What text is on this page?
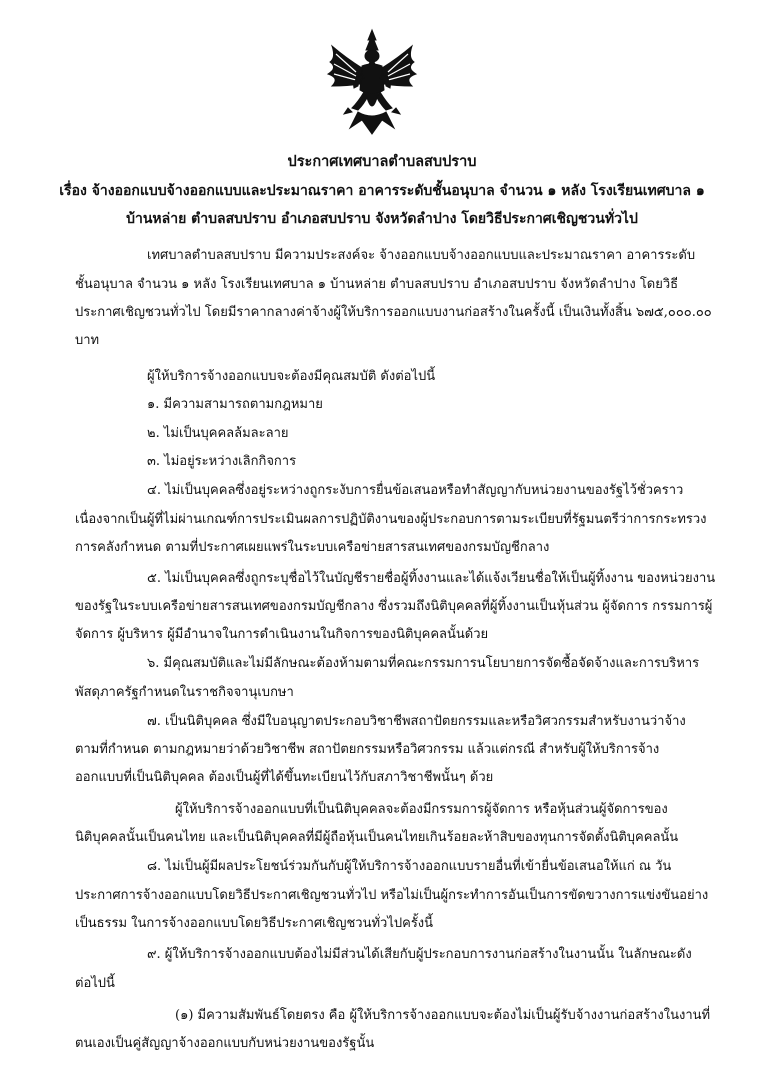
ประกาศเทศบาลตำบลสบปราบ
เรื่อง จ้างออกแบบจ้างออกแบบและประมาณราคา อาคารระดับชั้นอนุบาล จำนวน ๑ หลัง โรงเรียนเทศบาล ๑
บ้านหล่าย ตำบลสบปราบ อำเภอสบปราบ จังหวัดลำปาง โดยวิธีประกาศเชิญชวนทั่วไป
เทศบาลตำบลสบปราบ มีความประสงค์จะ จ้างออกแบบจ้างออกแบบและประมาณราคา อาคารระดับ
ชั้นอนุบาล จำนวน ๑ หลัง โรงเรียนเทศบาล ๑ บ้านหล่าย ตำบลสบปราบ อำเภอสบปราบ จังหวัดลำปาง โดยวิธี
ประกาศเชิญชวนทั่วไป โดยมีราคากลางค่าจ้างผู้ให้บริการออกแบบงานก่อสร้างในครั้งนี้ เป็นเงินทั้งสิ้น ๖๗๕,๐๐๐.๐๐
บาท
ผู้ให้บริการจ้างออกแบบจะต้องมีคุณสมบัติ ดังต่อไปนี้
๑. มีความสามารถตามกฎหมาย
๒. ไม่เป็นบุคคลล้มละลาย
๓. ไม่อยู่ระหว่างเลิกกิจการ
๔. ไม่เป็นบุคคลซึ่งอยู่ระหว่างถูกระงับการยื่นข้อเสนอหรือทำสัญญากับหน่วยงานของรัฐไว้ชั่วคราว
เนื่องจากเป็นผู้ที่ไม่ผ่านเกณฑ์การประเมินผลการปฏิบัติงานของผู้ประกอบการตามระเบียบที่รัฐมนตรีว่าการกระทรวง
การคลังกำหนด ตามที่ประกาศเผยแพร่ในระบบเครือข่ายสารสนเทศของกรมบัญชีกลาง
๕. ไม่เป็นบุคคลซึ่งถูกระบุชื่อไว้ในบัญชีรายชื่อผู้ทิ้งงานและได้แจ้งเวียนชื่อให้เป็นผู้ทิ้งงาน ของหน่วยงาน
ของรัฐในระบบเครือข่ายสารสนเทศของกรมบัญชีกลาง ซึ่งรวมถึงนิติบุคคลที่ผู้ทิ้งงานเป็นหุ้นส่วน ผู้จัดการ กรรมการผู้
จัดการ ผู้บริหาร ผู้มีอำนาจในการดำเนินงานในกิจการของนิติบุคคลนั้นด้วย
๖. มีคุณสมบัติและไม่มีลักษณะต้องห้ามตามที่คณะกรรมการนโยบายการจัดซื้อจัดจ้างและการบริหาร
พัสดุภาครัฐกำหนดในราชกิจจานุเบกษา
๗. เป็นนิติบุคคล ซึ่งมีใบอนุญาตประกอบวิชาชีพสถาปัตยกรรมและหรือวิศวกรรมสำหรับงานว่าจ้าง
ตามที่กำหนด ตามกฎหมายว่าด้วยวิชาชีพ สถาปัตยกรรมหรือวิศวกรรม แล้วแต่กรณี สำหรับผู้ให้บริการจ้าง
ออกแบบที่เป็นนิติบุคคล ต้องเป็นผู้ที่ได้ขึ้นทะเบียนไว้กับสภาวิชาชีพนั้นๆ ด้วย
ผู้ให้บริการจ้างออกแบบที่เป็นนิติบุคคลจะต้องมีกรรมการผู้จัดการ หรือหุ้นส่วนผู้จัดการของ
นิติบุคคลนั้นเป็นคนไทย และเป็นนิติบุคคลที่มีผู้ถือหุ้นเป็นคนไทยเกินร้อยละห้าสิบของทุนการจัดตั้งนิติบุคคลนั้น
๘. ไม่เป็นผู้มีผลประโยชน์ร่วมกันกับผู้ให้บริการจ้างออกแบบรายอื่นที่เข้ายื่นข้อเสนอให้แก่ ณ วัน
ประกาศการจ้างออกแบบโดยวิธีประกาศเชิญชวนทั่วไป หรือไม่เป็นผู้กระทำการอันเป็นการขัดขวางการแข่งขันอย่าง
เป็นธรรม ในการจ้างออกแบบโดยวิธีประกาศเชิญชวนทั่วไปครั้งนี้
๙. ผู้ให้บริการจ้างออกแบบต้องไม่มีส่วนได้เสียกับผู้ประกอบการงานก่อสร้างในงานนั้น ในลักษณะดัง
ต่อไปนี้
(๑) มีความสัมพันธ์โดยตรง คือ ผู้ให้บริการจ้างออกแบบจะต้องไม่เป็นผู้รับจ้างงานก่อสร้างในงานที่
ตนเองเป็นคู่สัญญาจ้างออกแบบกับหน่วยงานของรัฐนั้น
